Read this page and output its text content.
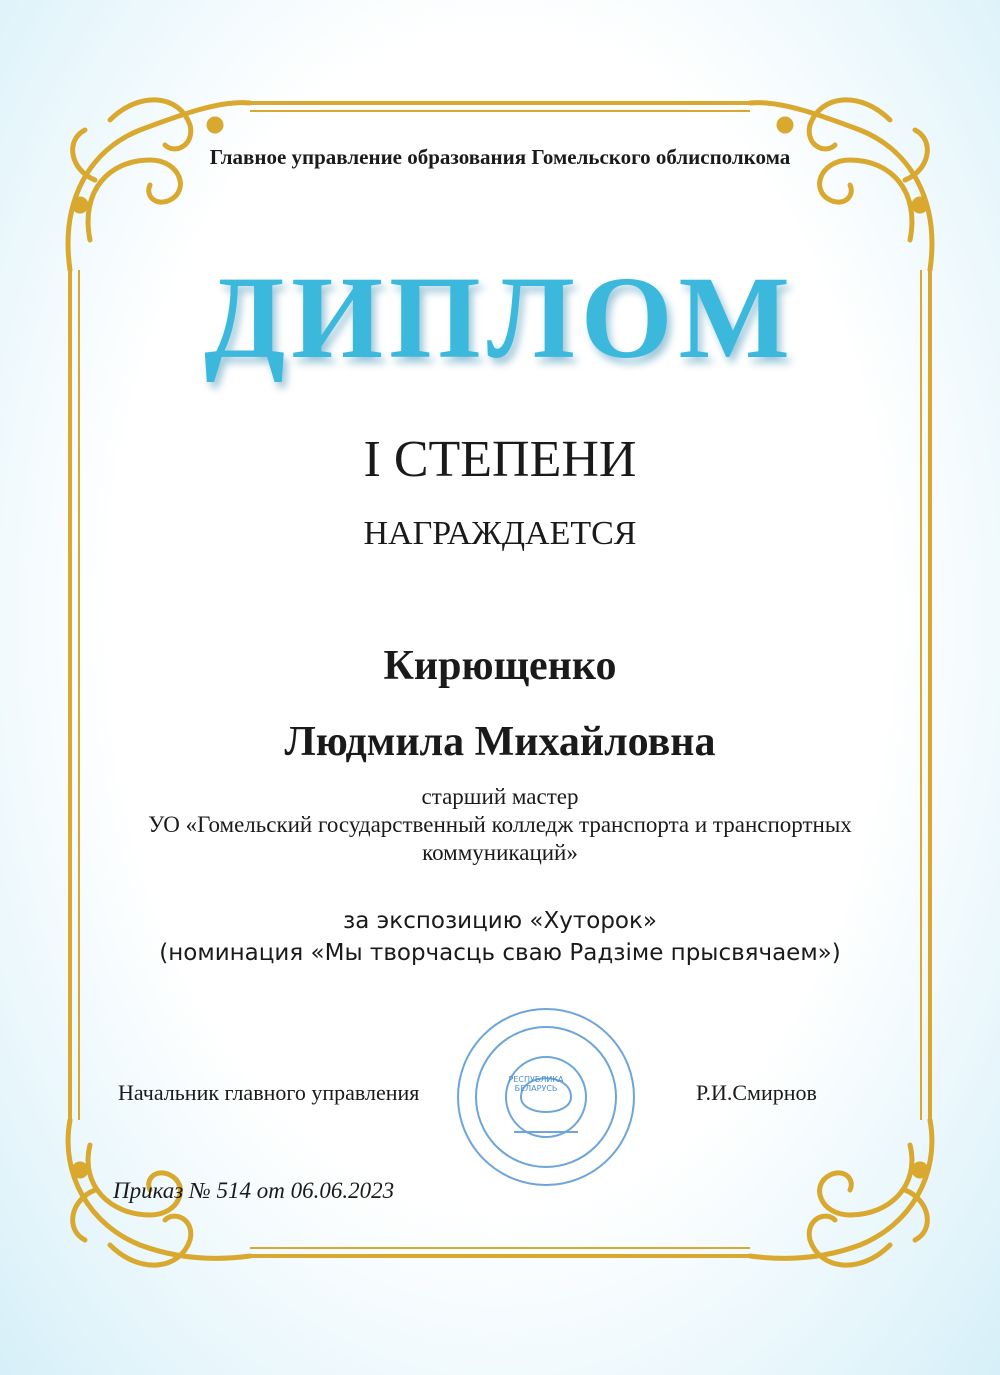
Главное управление образования Гомельского облисполкома
ДИПЛОМ
I СТЕПЕНИ
НАГРАЖДАЕТСЯ
Кирющенко
Людмила Михайловна
старший мастер
УО «Гомельский государственный колледж транспорта и транспортных
коммуникаций»
за экспозицию «Хуторок»
(номинация «Мы творчасць сваю Радзіме прысвячаем»)
РЕСПУБЛИКА БЕЛАРУСЬ
Начальник главного управления	Р.И.Смирнов
Приказ № 514 от 06.06.2023
